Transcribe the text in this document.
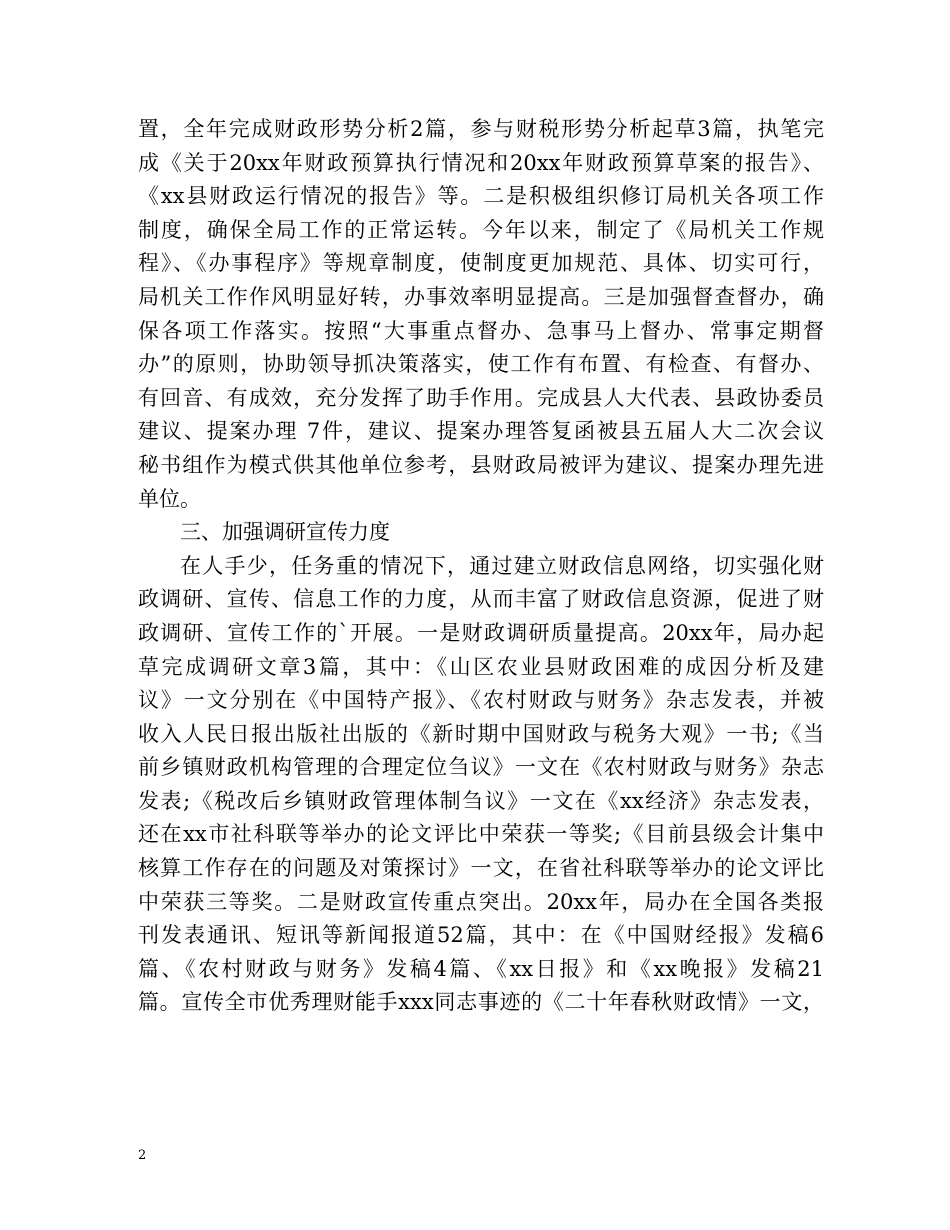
置，全年完成财政形势分析2篇，参与财税形势分析起草3篇，执笔完
成《关于20xx年财政预算执行情况和20xx年财政预算草案的报告》、
《xx县财政运行情况的报告》等。二是积极组织修订局机关各项工作
制度，确保全局工作的正常运转。今年以来，制定了《局机关工作规
程》、《办事程序》等规章制度，使制度更加规范、具体、切实可行，
局机关工作作风明显好转，办事效率明显提高。三是加强督查督办，确
保各项工作落实。按照“大事重点督办、急事马上督办、常事定期督
办”的原则，协助领导抓决策落实，使工作有布置、有检查、有督办、
有回音、有成效，充分发挥了助手作用。完成县人大代表、县政协委员
建议、提案办理 7件，建议、提案办理答复函被县五届人大二次会议
秘书组作为模式供其他单位参考，县财政局被评为建议、提案办理先进
单位。
三、加强调研宣传力度
在人手少，任务重的情况下，通过建立财政信息网络，切实强化财
政调研、宣传、信息工作的力度，从而丰富了财政信息资源，促进了财
政调研、宣传工作的`开展。一是财政调研质量提高。20xx年，局办起
草完成调研文章3篇，其中：《山区农业县财政困难的成因分析及建
议》一文分别在《中国特产报》、《农村财政与财务》杂志发表，并被
收入人民日报出版社出版的《新时期中国财政与税务大观》一书;《当
前乡镇财政机构管理的合理定位刍议》一文在《农村财政与财务》杂志
发表;《税改后乡镇财政管理体制刍议》一文在《xx经济》杂志发表，
还在xx市社科联等举办的论文评比中荣获一等奖;《目前县级会计集中
核算工作存在的问题及对策探讨》一文，在省社科联等举办的论文评比
中荣获三等奖。二是财政宣传重点突出。20xx年，局办在全国各类报
刊发表通讯、短讯等新闻报道52篇，其中：在《中国财经报》发稿6
篇、《农村财政与财务》发稿4篇、《xx日报》和《xx晚报》发稿21
篇。宣传全市优秀理财能手xxx同志事迹的《二十年春秋财政情》一文，
2
